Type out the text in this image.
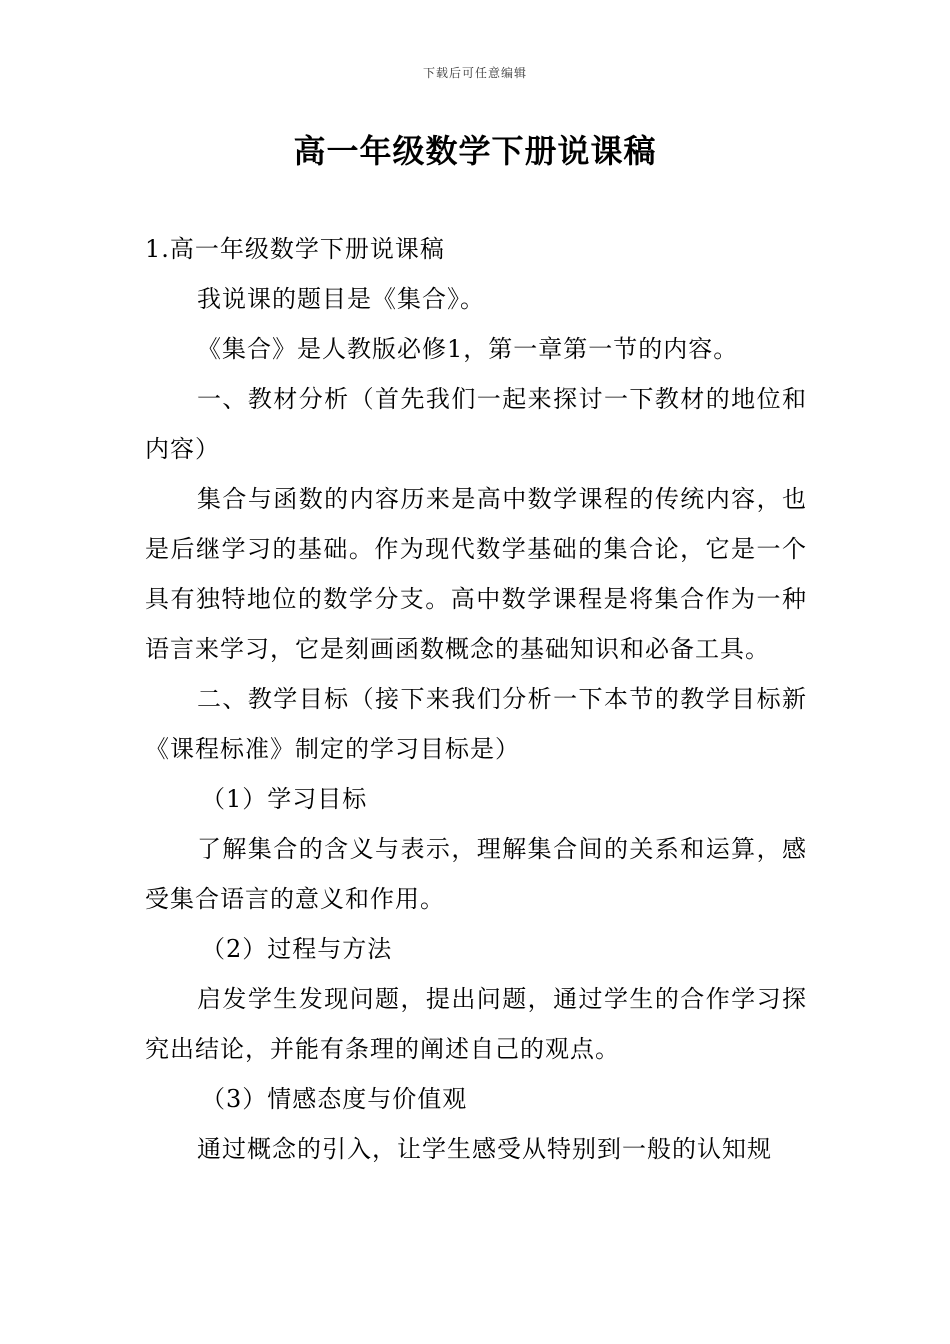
下载后可任意编辑
高一年级数学下册说课稿

1.高一年级数学下册说课稿

我说课的题目是《集合》。

《集合》是人教版必修1，第一章第一节的内容。

一、教材分析（首先我们一起来探讨一下教材的地位和内容）

集合与函数的内容历来是高中数学课程的传统内容，也是后继学习的基础。作为现代数学基础的集合论，它是一个具有独特地位的数学分支。高中数学课程是将集合作为一种语言来学习，它是刻画函数概念的基础知识和必备工具。

二、教学目标（接下来我们分析一下本节的教学目标新《课程标准》制定的学习目标是）

（1）学习目标

了解集合的含义与表示，理解集合间的关系和运算，感受集合语言的意义和作用。

（2）过程与方法

启发学生发现问题，提出问题，通过学生的合作学习探究出结论，并能有条理的阐述自己的观点。

（3）情感态度与价值观

通过概念的引入，让学生感受从特别到一般的认知规
